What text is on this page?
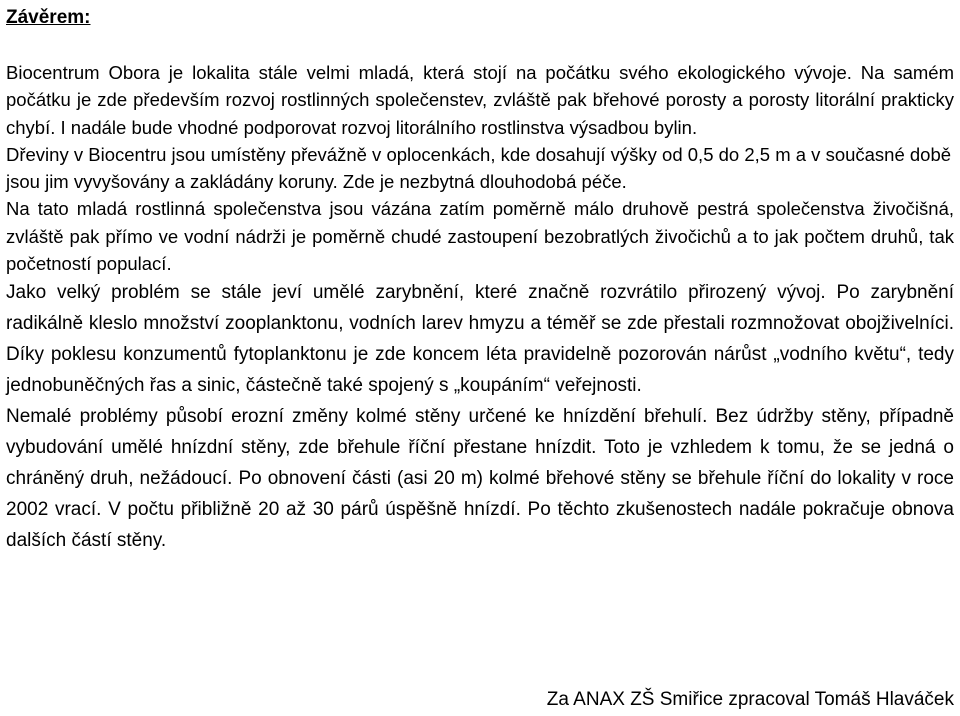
Závěrem:

Biocentrum Obora je lokalita stále velmi mladá, která stojí na počátku svého ekologického vývoje. Na samém počátku je zde především rozvoj rostlinných společenstev, zvláště pak břehové porosty a porosty litorální prakticky chybí. I nadále bude vhodné podporovat rozvoj litorálního rostlinstva výsadbou bylin.

Dřeviny v Biocentru jsou umístěny převážně v oplocenkách, kde dosahují výšky od 0,5 do 2,5 m a v současné době jsou jim vyvyšovány a zakládány koruny. Zde je nezbytná dlouhodobá péče.

Na tato mladá rostlinná společenstva jsou vázána zatím poměrně málo druhově pestrá společenstva živočišná, zvláště pak přímo ve vodní nádrži je poměrně chudé zastoupení bezobratlých živočichů a to jak počtem druhů, tak početností populací.

Jako velký problém se stále jeví umělé zarybnění, které značně rozvrátilo přirozený vývoj. Po zarybnění radikálně kleslo množství zooplanktonu, vodních larev hmyzu a téměř se zde přestali rozmnožovat obojživelníci. Díky poklesu konzumentů fytoplanktonu je zde koncem léta pravidelně pozorován nárůst „vodního květu“, tedy jednobuněčných řas a sinic, částečně také spojený s „koupáním“ veřejnosti.

Nemalé problémy působí erozní změny kolmé stěny určené ke hnízdění břehulí. Bez údržby stěny, případně vybudování umělé hnízdní stěny, zde břehule říční přestane hnízdit. Toto je vzhledem k tomu, že se jedná o chráněný druh, nežádoucí. Po obnovení části (asi 20 m) kolmé břehové stěny se břehule říční do lokality v roce 2002 vrací. V počtu přibližně 20 až 30 párů úspěšně hnízdí. Po těchto zkušenostech nadále pokračuje obnova dalších částí stěny.

Za ANAX ZŠ Smiřice zpracoval Tomáš Hlaváček
